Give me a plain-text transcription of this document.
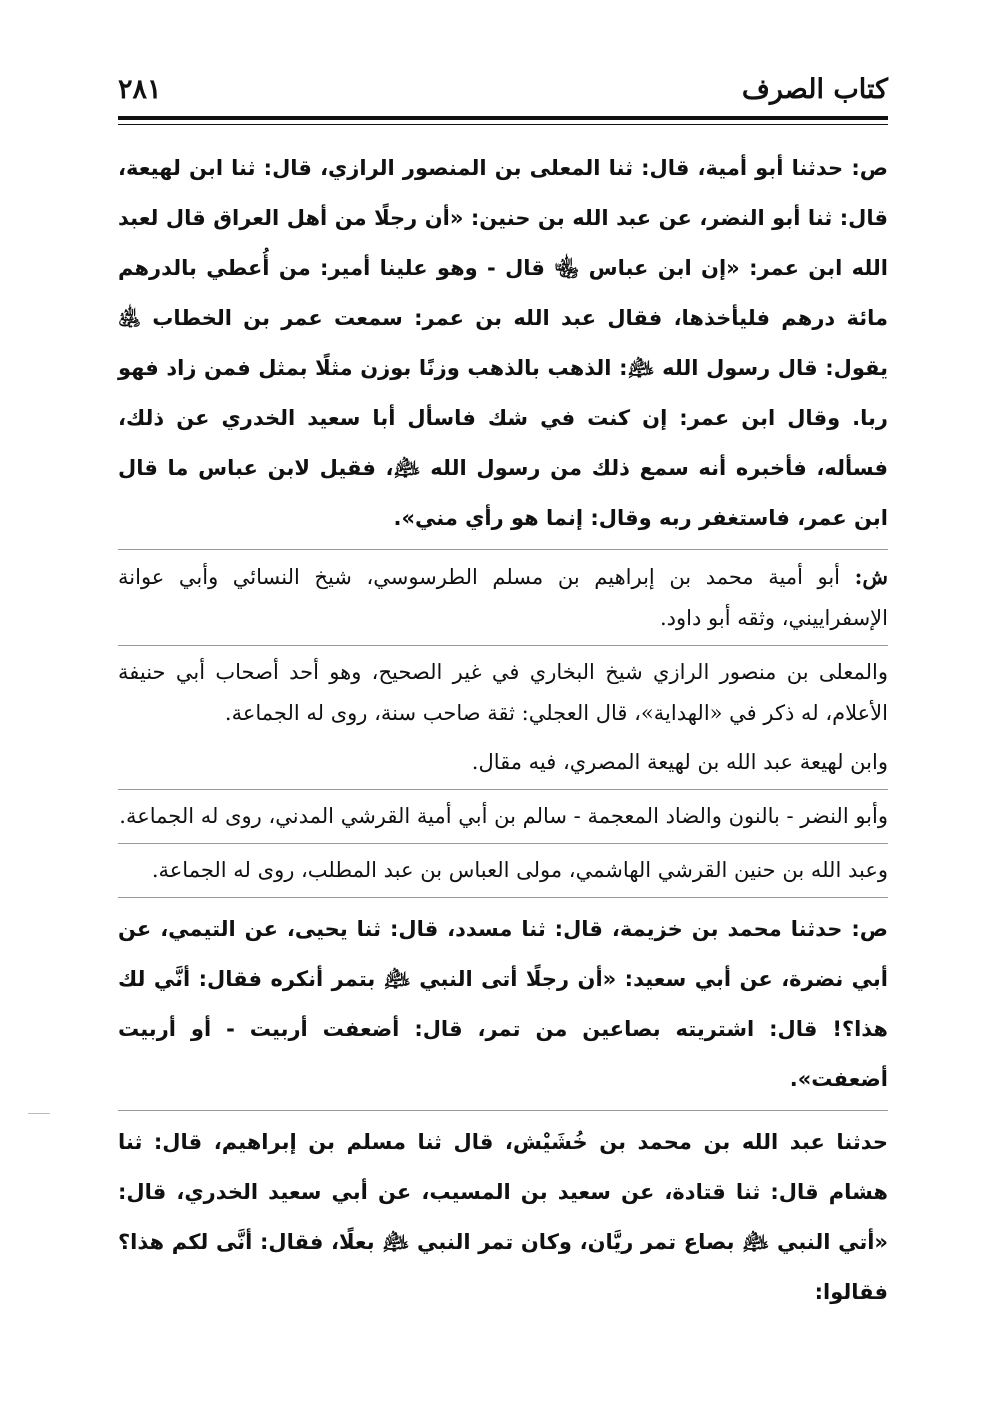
كتاب الصرف
٢٨١

ص: حدثنا أبو أمية، قال: ثنا المعلى بن المنصور الرازي، قال: ثنا ابن لهيعة، قال: ثنا أبو النضر، عن عبد الله بن حنين: «أن رجلًا من أهل العراق قال لعبد الله ابن عمر: «إن ابن عباس ﵄ قال - وهو علينا أمير: من أُعطي بالدرهم مائة درهم فليأخذها، فقال عبد الله بن عمر: سمعت عمر بن الخطاب ﵁ يقول: قال رسول الله ﵇: الذهب بالذهب وزنًا بوزن مثلًا بمثل فمن زاد فهو ربا. وقال ابن عمر: إن كنت في شك فاسأل أبا سعيد الخدري عن ذلك، فسأله، فأخبره أنه سمع ذلك من رسول الله ﵇، فقيل لابن عباس ما قال ابن عمر، فاستغفر ربه وقال: إنما هو رأي مني».

ش: أبو أمية محمد بن إبراهيم بن مسلم الطرسوسي، شيخ النسائي وأبي عوانة الإسفراييني، وثقه أبو داود.

والمعلى بن منصور الرازي شيخ البخاري في غير الصحيح، وهو أحد أصحاب أبي حنيفة الأعلام، له ذكر في «الهداية»، قال العجلي: ثقة صاحب سنة، روى له الجماعة.

وابن لهيعة عبد الله بن لهيعة المصري، فيه مقال.

وأبو النضر - بالنون والضاد المعجمة - سالم بن أبي أمية القرشي المدني، روى له الجماعة.

وعبد الله بن حنين القرشي الهاشمي، مولى العباس بن عبد المطلب، روى له الجماعة.

ص: حدثنا محمد بن خزيمة، قال: ثنا مسدد، قال: ثنا يحيى، عن التيمي، عن أبي نضرة، عن أبي سعيد: «أن رجلًا أتى النبي ﵇ بتمر أنكره فقال: أنَّي لك هذا؟! قال: اشتريته بصاعين من تمر، قال: أضعفت أربيت - أو أربيت أضعفت».

حدثنا عبد الله بن محمد بن خُشَيْش، قال ثنا مسلم بن إبراهيم، قال: ثنا هشام قال: ثنا قتادة، عن سعيد بن المسيب، عن أبي سعيد الخدري، قال: «أتي النبي ﵇ بصاع تمر ريَّان، وكان تمر النبي ﵇ بعلًا، فقال: أنَّى لكم هذا؟ فقالوا:
